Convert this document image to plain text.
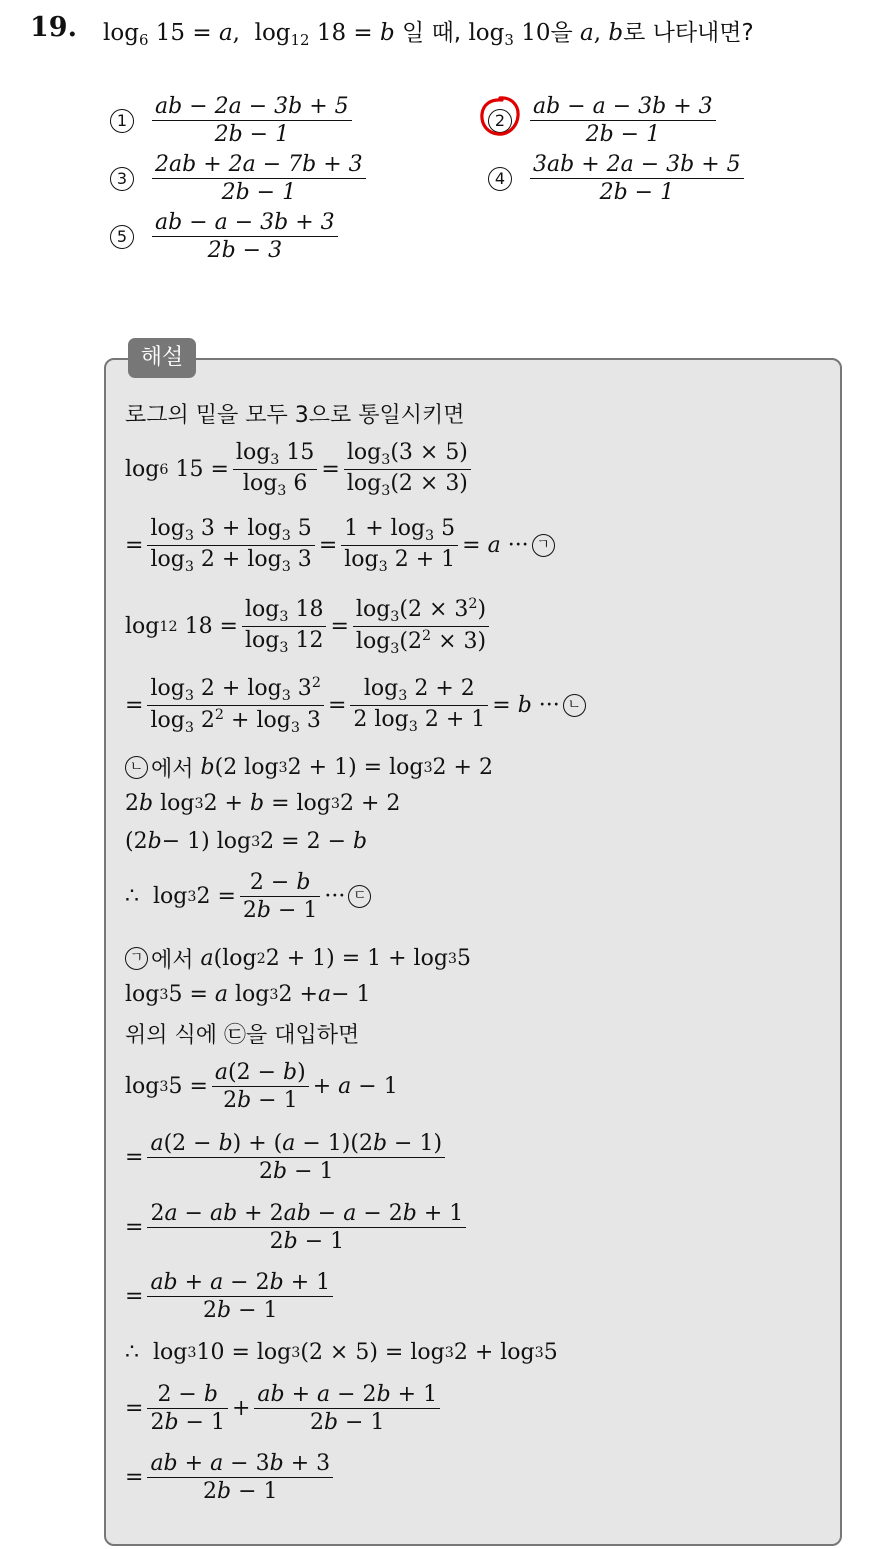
19. $\log_6 15 = a$,  $\log_{12} 18 = b$ 일 때, $\log_3 10$을 a, b로 나타내면?
1	$\frac{ab - 2a - 3b + 5}{2b - 1}$	2	$\frac{ab - a - 3b + 3}{2b - 1}$
3	$\frac{2ab + 2a - 7b + 3}{2b - 1}$	4	$\frac{3ab + 2a - 3b + 5}{2b - 1}$
5	$\frac{ab - a - 3b + 3}{2b - 3}$
해설
로그의 밑을 모두 3으로 통일시키면
log 6 $15 = \frac{\log_3 15}{\log_3 6} = \frac{\log_3(3 \times 5)}{\log_3(2 \times 3)}$
= $\frac{\log_3 3 + \log_3 5}{\log_3 2 + \log_3 3} = \frac{1 + \log_3 5}{\log_3 2 + 1} = a$ ··· ㄱ
log 12 $18 = \frac{\log_3 18}{\log_3 12} = \frac{\log_3(2 \times 3^2)}{\log_3(2^2 \times 3)}$
= $\frac{\log_3 2 + \log_3 3^2}{\log_3 2^2 + \log_3 3} = \frac{\log_3 2 + 2}{2 \log_3 2 + 1} = b$ ··· ㄴ
ㄴ 에서
b (2 log 3 2 + 1) = log 3 2 + 2
2 b log 3 2 + b = log 3 2 + 2
(2 b − 1) log 3 2 = 2 − b
∴ log 3 $2 = \frac{2 - b}{2b - 1}$ ··· ㄷ
ㄱ 에서
a (log 2 2 + 1) = 1 + log 3 5
log 3 5 = a log 3 2 + a − 1
위의 식에 ㉢을 대입하면
log 3 $5 = \frac{a(2 - b)}{2b - 1} + a - 1$
= $\frac{a(2 - b) + (a - 1)(2b - 1)}{2b - 1}$
= $\frac{2a - ab + 2ab - a - 2b + 1}{2b - 1}$
= $\frac{ab + a - 2b + 1}{2b - 1}$
∴ log 3 10 = log 3 (2 × 5) = log 3 2 + log 3 5
= $\frac{2 - b}{2b - 1} + \frac{ab + a - 2b + 1}{2b - 1}$
= $\frac{ab + a - 3b + 3}{2b - 1}$
